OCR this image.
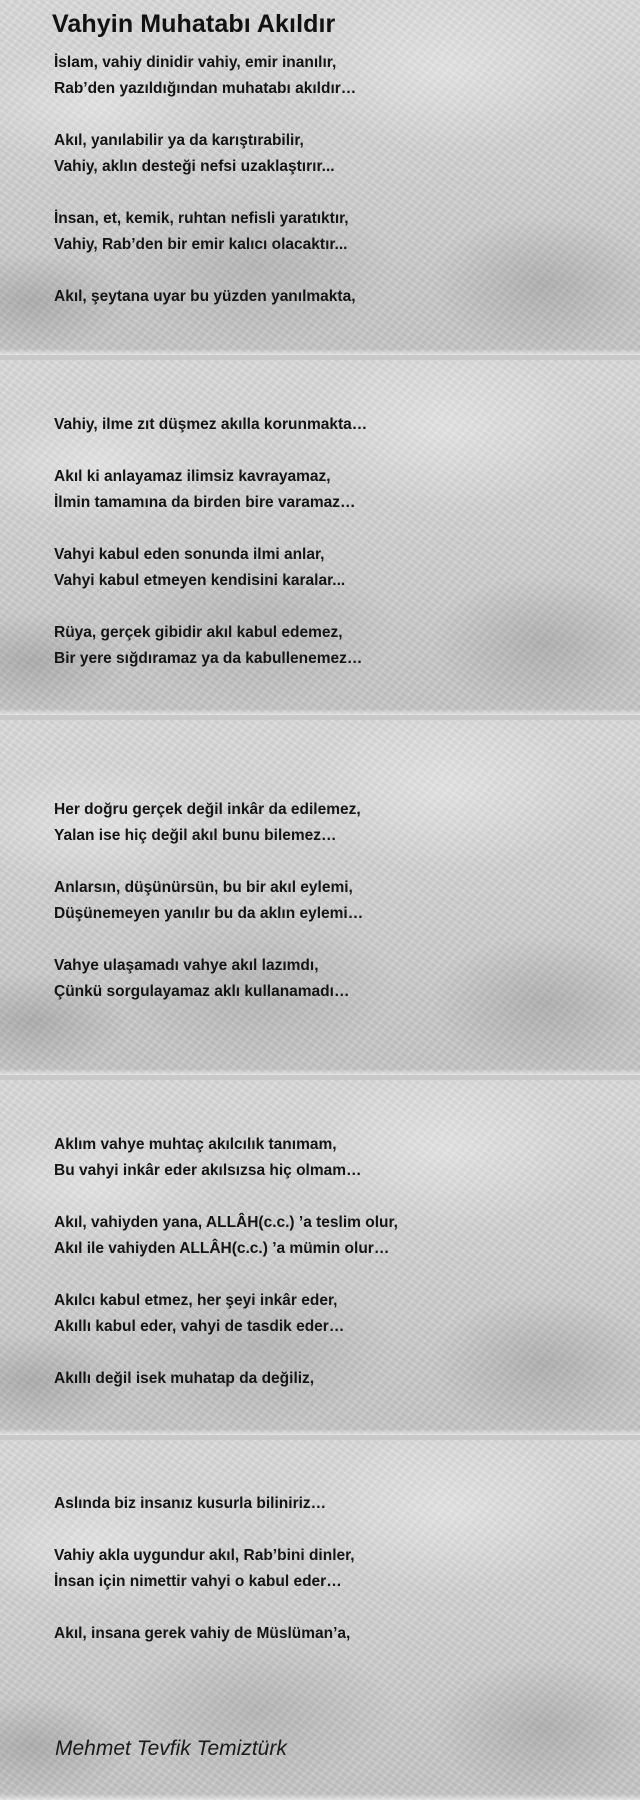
Vahyin Muhatabı Akıldır

İslam, vahiy dinidir vahiy, emir inanılır,
Rab’den yazıldığından muhatabı akıldır…

Akıl, yanılabilir ya da karıştırabilir,
Vahiy, aklın desteği nefsi uzaklaştırır...

İnsan, et, kemik, ruhtan nefisli yaratıktır,
Vahiy, Rab’den bir emir kalıcı olacaktır...

Akıl, şeytana uyar bu yüzden yanılmakta,

Vahiy, ilme zıt düşmez akılla korunmakta…

Akıl ki anlayamaz ilimsiz kavrayamaz,
İlmin tamamına da birden bire varamaz…

Vahyi kabul eden sonunda ilmi anlar,
Vahyi kabul etmeyen kendisini karalar...

Rüya, gerçek gibidir akıl kabul edemez,
Bir yere sığdıramaz ya da kabullenemez…

Her doğru gerçek değil inkâr da edilemez,
Yalan ise hiç değil akıl bunu bilemez…

Anlarsın, düşünürsün, bu bir akıl eylemi,
Düşünemeyen yanılır bu da aklın eylemi…

Vahye ulaşamadı vahye akıl lazımdı,
Çünkü sorgulayamaz aklı kullanamadı…

Aklım vahye muhtaç akılcılık tanımam,
Bu vahyi inkâr eder akılsızsa hiç olmam…

Akıl, vahiyden yana, ALLÂH(c.c.) ’a teslim olur,
Akıl ile vahiyden ALLÂH(c.c.) ’a mümin olur…

Akılcı kabul etmez, her şeyi inkâr eder,
Akıllı kabul eder, vahyi de tasdik eder…

Akıllı değil isek muhatap da değiliz,

Aslında biz insanız kusurla biliniriz…

Vahiy akla uygundur akıl, Rab’bini dinler,
İnsan için nimettir vahyi o kabul eder…

Akıl, insana gerek vahiy de Müslüman’a,

Mehmet Tevfik Temiztürk
